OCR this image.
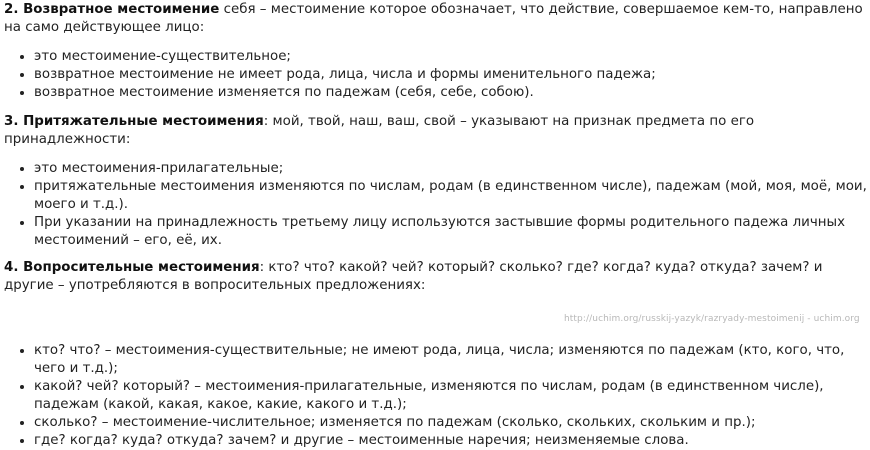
2. Возвратное местоимение себя – местоимение которое обозначает, что действие, совершаемое кем-то, направлено на само действующее лицо:

• это местоимение-существительное;
• возвратное местоимение не имеет рода, лица, числа и формы именительного падежа;
• возвратное местоимение изменяется по падежам (себя, себе, собою).

3. Притяжательные местоимения: мой, твой, наш, ваш, свой – указывают на признак предмета по его принадлежности:

• это местоимения-прилагательные;
• притяжательные местоимения изменяются по числам, родам (в единственном числе), падежам (мой, моя, моё, мои, моего и т.д.).
• При указании на принадлежность третьему лицу используются застывшие формы родительного падежа личных местоимений – его, её, их.

4. Вопросительные местоимения: кто? что? какой? чей? который? сколько? где? когда? куда? откуда? зачем? и другие – употребляются в вопросительных предложениях:

• кто? что? – местоимения-существительные; не имеют рода, лица, числа; изменяются по падежам (кто, кого, что, чего и т.д.);
• какой? чей? который? – местоимения-прилагательные, изменяются по числам, родам (в единственном числе), падежам (какой, какая, какое, какие, какого и т.д.);
• сколько? – местоимение-числительное; изменяется по падежам (сколько, скольких, скольким и пр.);
• где? когда? куда? откуда? зачем? и другие – местоименные наречия; неизменяемые слова.
http://uchim.org/russkij-yazyk/razryady-mestoimenij - uchim.org
